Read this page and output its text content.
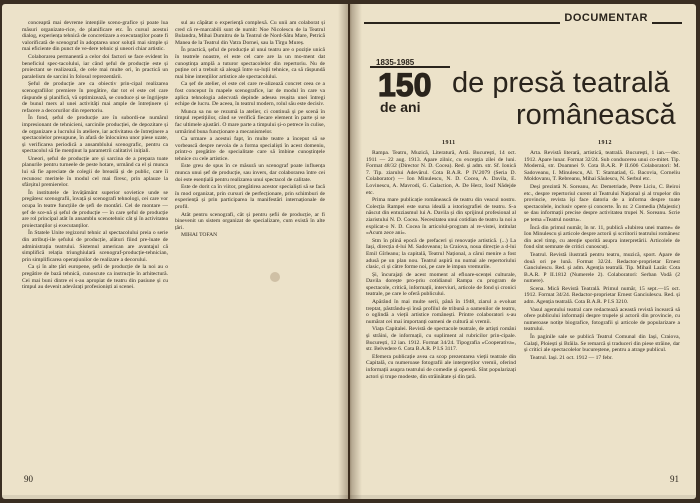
conceaptă mai devreme intențiile sceno-grafice și poate lua măsuri organizato-rice, de planificare etc. În cursul acestui dialog, experiența tehnică de concretizare a executanților poate fi valorificată de scenograf în adoptarea unor soluții mai simple și mai eficiente din punct de ve-dere tehnic și uneori chiar artistic.

Colaborarea permanentă a celor doi factori se face evident în beneficiul spec-tacolului, iar când șeful de producție este și proiectant se realizează, de cele mai multe ori, în practică un paralelism de sarcini în folosul reprezentării.

Șeful de producție are ca obiectiv prin-cipal realizarea scenografiilor premiere în pregătire, dar tot el este cel care răspunde și planifică, vă optimizează, se conduce și se îngrijește de bunul mers al unei activități mai ample de întreținere și refacere a decorurilor din repertoriu.

În fond, șeful de producție are în subordi-ne numărul impresionant de tehnicieni, sarcinile producției, de depozitare și de organizare a lucrului în ateliere, iar activitatea de întreținere a spectacolelor presupune, în afară de înlocuirea unor piese uzate, și verificarea periodică a ansamblului scenografic, pentru ca spectacolul să fie menținut la parametrii calitativi inițiali.

Uneori, șeful de producție are și sarcina de a prepara toate planurile pentru turneele de peste hotare, urmând ca el și munca lui să fie apreciate de colegii de breaslă și de public, care îi recunosc meritele în modul cel mai firesc, prin aplauze la sfârșitul premierelor.

În institutele de învățământ superior sovietice unde se pregătesc scenografii, învață și scenografi tehnologi, cei care vor ocupa în teatre funcțiile de șefi de montări. Cel de montare — șef de sce-nă și șeful de producție — în care șeful de producție are rol principal atât în ansamblu scenotehnic cât și în activitatea proiectanților și executanților.

În Statele Unite regizorul tehnic al spectacolului preia o serie din atribuți-ile șefului de producție, alături fiind pre-luate de administrația teatrului. Sistemul american are avantajul că simplifică relația triunghiulară scenograf-producție-tehnician, prin simplificarea operațiunilor de realizare a decorului.

Ca și în alte țări europene, șefii de producție de la noi au o pregătire de bază tehnică, cunoscute ca instrucție în arhitectură. Cei mai buni dintre ei s-au apropiat de teatru din pasiune și cu timpul au devenit adevărați profesioniști ai scenei.

sul au căpătat o experiență complexă. Cu unii am colaborat și cred că re-marcabili sunt de numit: Noe Nicolescu de la Teatrul Bulandra, Mihai Dumitru de la Teatrul de Nord-Sătu Mare, Petrică Manea de la Teatrul din Vatra Dornei, sau la Tîrgu Mureș.

În practică, șeful de producție al unui teatru are o poziție unică în teatrele noastre, el este cel care are la un mo-ment dat cunoștința amplă a tuturor spectacolelor din repertoriu. Nu de puține ori a trebuit să aleagă între so-luții tehnice, ca să răspundă mai bine intențiilor artistice ale spectacolului.

Ca șef de atelier, el este cel care re-alizează concret ceea ce a fost conceput în mapele scenografice, iar de modul în care va aplica tehnologia adecvată depinde adesea reușita unei întregi echipe de lucru. De aceea, în teatrul modern, rolul său este decisiv.

Munca sa nu se rezumă la atelier, ci continuă și pe scenă în timpul repetițiilor, când se verifică fiecare element în parte și se fac ultimele ajustări. O mare parte a timpului și-o petrece în culise, urmărind buna funcționare a mecanismelor.

Ca urmare a acestui fapt, în multe teatre a început să se vorbească despre nevoia de a forma specialiști în acest domeniu, printr-o pregătire de specialitate care să îmbine cunoștințele tehnice cu cele artistice.

Este greu de spus în ce măsură un scenograf poate influența munca unui șef de producție, sau invers, dar colaborarea între cei doi este esențială pentru realizarea unui spectacol de calitate.

Este de dorit ca în viitor, pregătirea acestor specialiști să se facă în mod organizat, prin cursuri de perfecționare, prin schimburi de experiență și prin participarea la manifestări internaționale de profil.

Atât pentru scenografi, cât și pentru șefii de producție, ar fi binevenit un sistem organizat de specializare, cum există în alte țări.

MIHAI TOFAN

90
DOCUMENTAR
1835-1985
150
de ani
de presă teatrală
românească
1911	1912

Rampa. Teatru, Muzică, Literatură, Artă. București, 14 oct. 1911 — 22 aug. 1913. Apare zilnic, cu excepția zilei de luni. Format 48/32 (Director N. D. Cocea). Red. și adm. str. Sf. Ionică 7. Tip. ziarului Adevărul. Cota B.A.R. P IV.2079 (Seria D. Colaborator) — Ion Minulescu, N. D. Cocea, A. Davila, E. Lovinescu, A. Mavrodi, G. Galaction, A. De Herz, Iosif Nădejde etc.

Prima mare publicație românească de teatru din veacul nostru. Colecția Rampei este sursa ideală a istoriografiei de teatru. S-a născut din entuziasmul lui A. Davila și din sprijinul profesional al ziaristului N. D. Cocea. Necesitatea unui cotidian de teatru la noi a explicat-o N. D. Cocea în articolul-program al re-vistei, intitulat «Acum zece ani».

Stm în plină epocă de prefaceri și renovație artistică. (...) La Iași, direcția d-lui M. Sadoveanu; la Craiova, noua direcție a d-lui Emil Gîrleanu; la capitală, Teatrul Național, a cărui menire a fost adusă pe un plan nou. Teatrul aspiră nu numai ale repertoriului clasic, ci și către forme noi, pe care le impun vremurile.

Și, încurajați de acest moment al efloare-scenței culturale, Davila dorește pro-priu cotidianul Rampa cu program de spectacole, critică, informații, interviuri, articole de fond și cronici teatrale, pe care le oferă publicului.

Apărând în mai multe serii, până în 1948, ziarul a evoluat treptat, păstrându-și însă profilul de tribună a oamenilor de teatru, o oglindă a vieții artistice românești. Printre colaboratori s-au numărat cei mai importanți oameni de cultură ai vremii.

Viața Capitalei. Revistă de spectacole teatrale, de artiști români și străini, de informații, cu supliment al rubricilor prin-cipale. București, 12 ian. 1912. Format 34/24. Tipografia «Cooperativa», str. Belvedere 6. Cota B.A.R. P I.S 3117.

Efemera publicație avea ca scop prezentarea vieții teatrale din Capitală, cu numeroase fotografii ale interpreților vremii, oferind informații asupra teatrului de comedie și operetă. Sînt popularizați actori și trupe modeste, din străinătate și din țară.

Arta. Revistă literară, artistică, teatrală. București, 1 ian.—dec. 1912. Apare lunar. Format 32/24. Sub conducerea unui co-mitet. Tip. Modernă, str. Doamnei 9. Cota B.A.R. P II.606 Colaboratori: M. Sadoveanu, I. Minulescu, Al. T. Stamatiad, G. Bacovia, Corneliu Moldovanu, T. Rebreanu, Mihai Săulescu, N. Serbul etc.

Deși prezintă N. Soreanu, Ar. Demetriade, Petre Liciu, C. Beiroi etc., despre repertoriul curent al Teatrului Național și al trupelor din provincie, revista își face datoria de a informa despre toate spectacolele, inclusiv opere și concerte. În nr. 2 Comedia (Majestic) se dau informații precise despre activitatea trupei N. Soreanu. Scrie pe tema «Teatrul nostru».

Încă din primul număr, în nr. 11, publică «Iubirea unei mame» de Ion Minulescu și articole despre actorii și scriitorii teatrului românesc din acel timp, cu atenție sporită asupra interpretării. Articolele de fond sînt semnate de critici cunoscuți.

Teatrul. Revistă ilustrată pentru teatru, muzică, sport. Apare de două ori pe lună. Format 32/24. Redactor-proprietar Ernest Ganciulescu. Red. și adm. Agenția teatrală. Tip. Mihail Lazăr. Cota B.A.R. P II.1812 (Numerele 2). Colaboratori: Serban Vodă (2 numere).

Scena. Mică Revistă Teatrală. Primul număr, 15 sept.—15 oct. 1912. Format 34/24. Redactor-proprietar Ernest Ganciulescu. Red. și adm. Agenția teatrală. Cota B.A.R. P I.S 3210.

Vasul agentului teatral care redactează această revistă încearcă să ofere publicului informații despre trupele și actorii din provincie, cu numeroase notițe biografice, fotografii și articole de popularizare a teatrului.

În paginile sale se publică Teatrul Comunal din Iași, Craiova, Galați, Ploiești și Brăila. Se remarcă și traduceri din piese străine, dar și critici ale spectacolelor bucureștene, pentru a atrage publicul.

Teatrul. Iași. 21 oct. 1912 — 17 febr.

91
